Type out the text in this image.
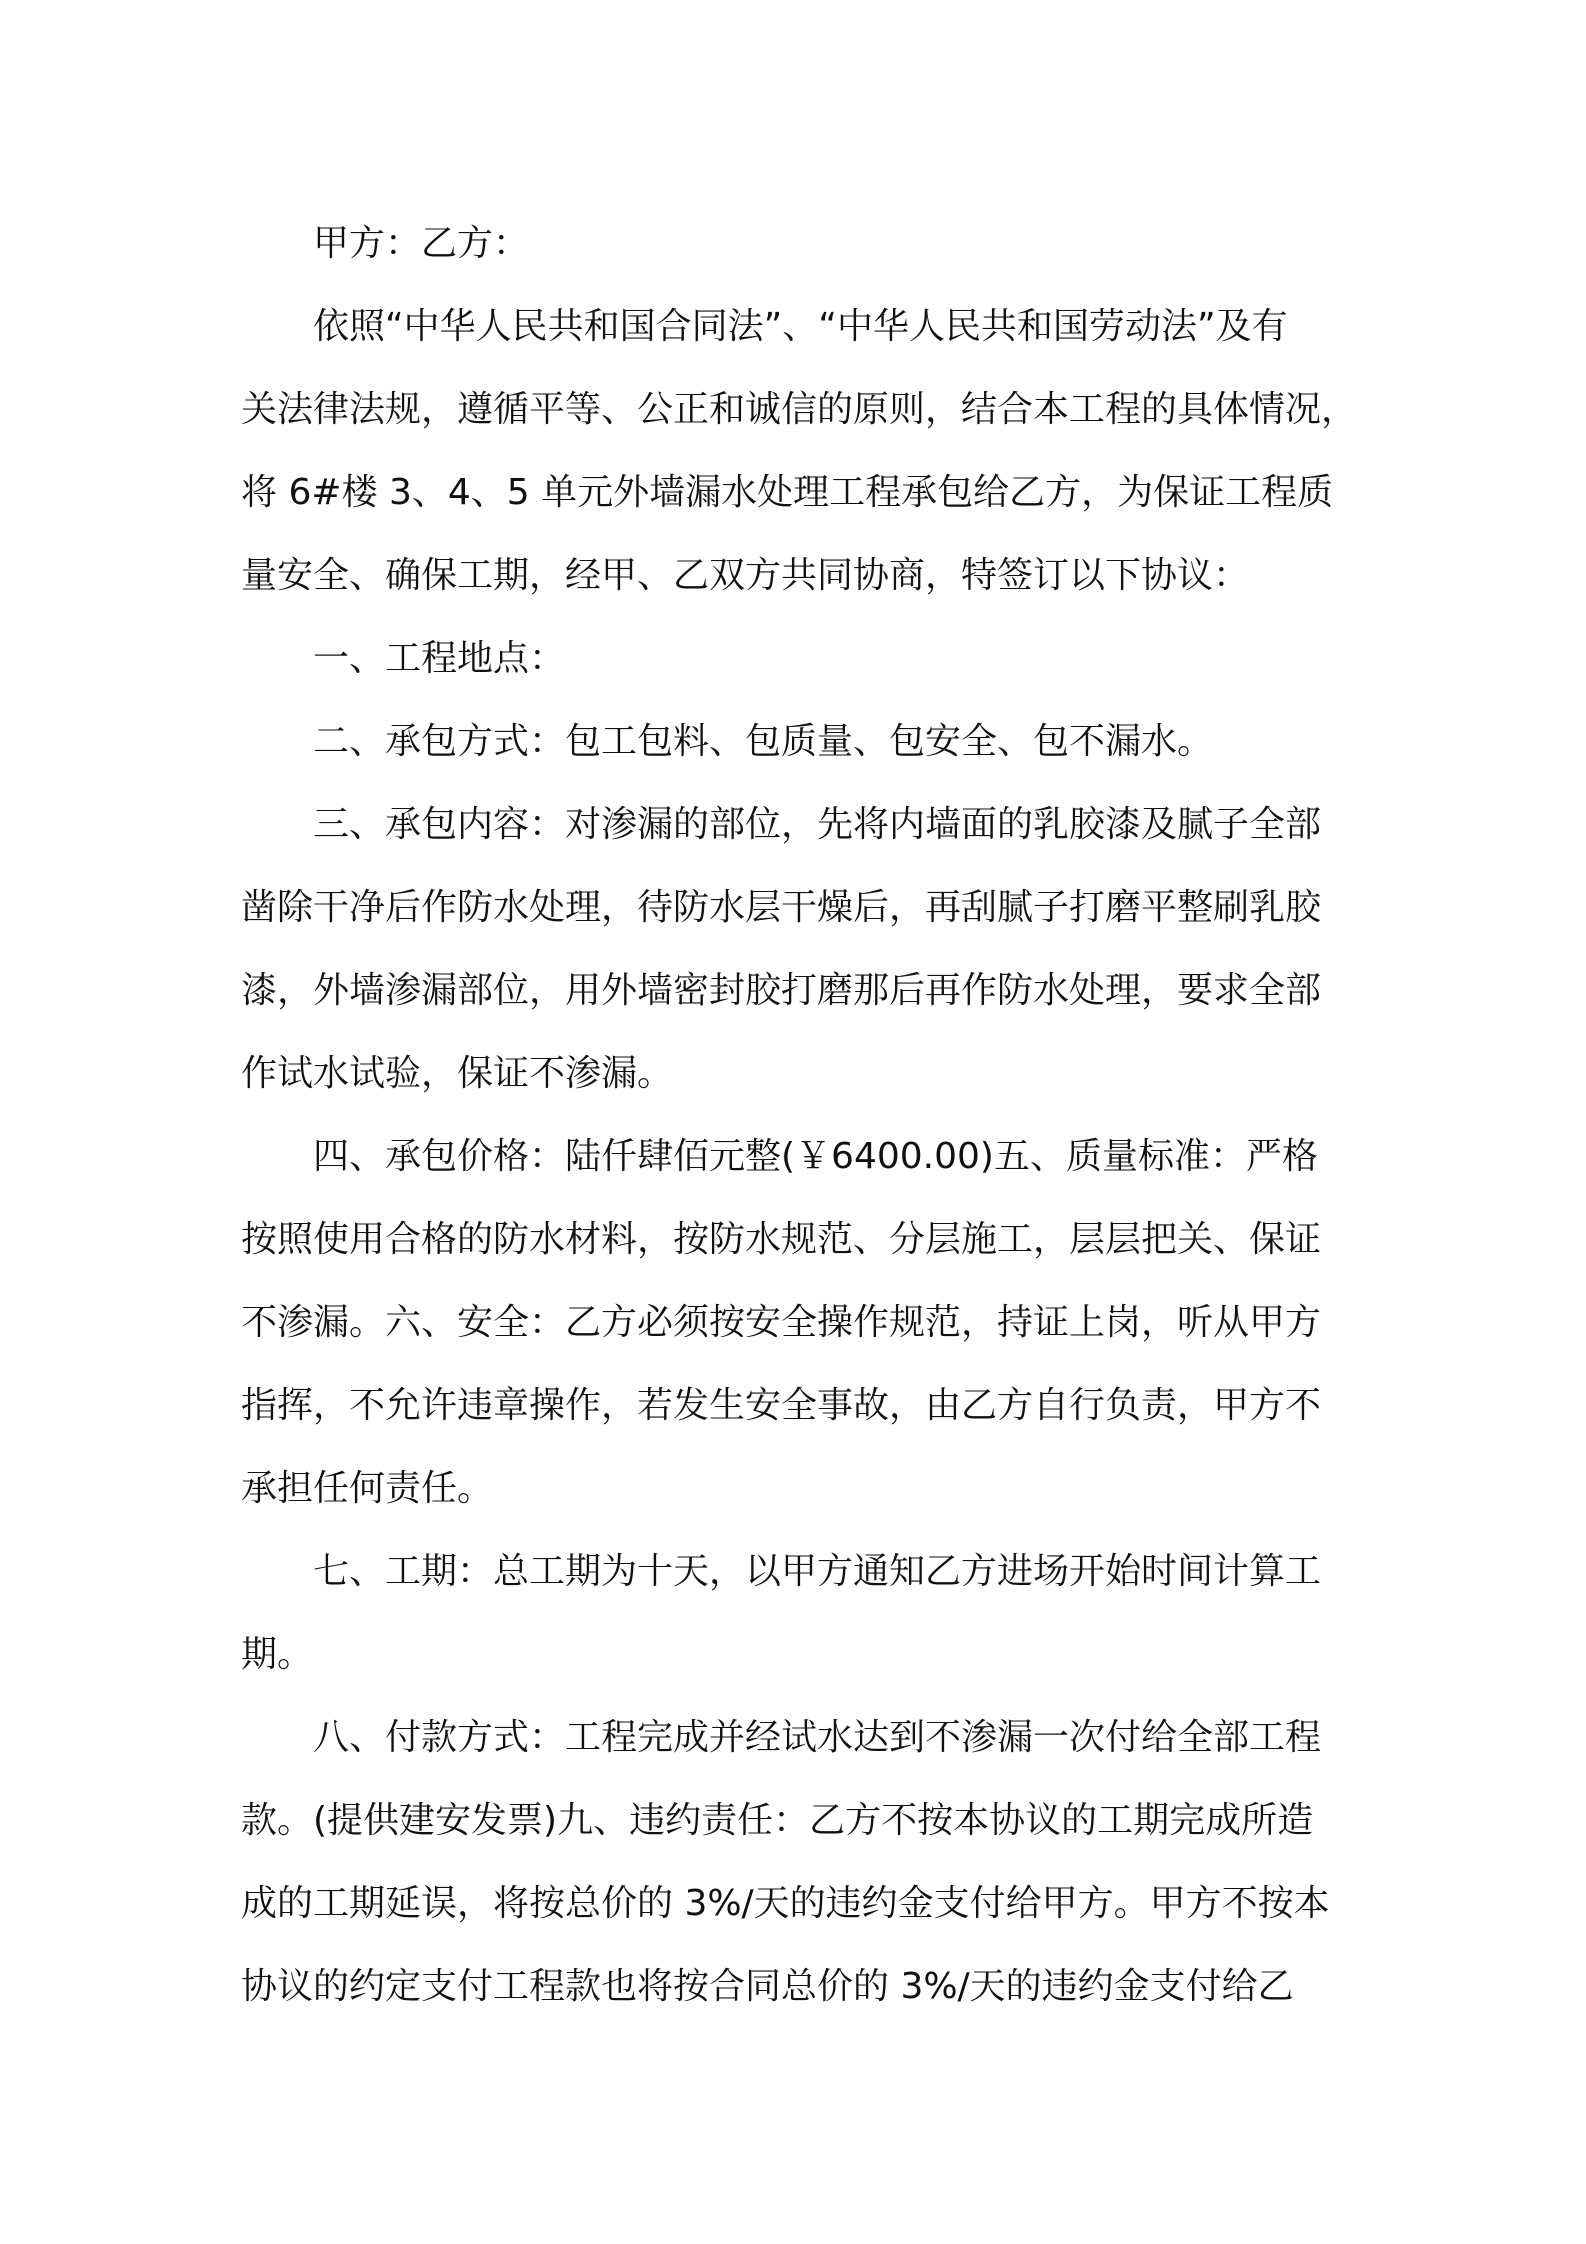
甲方：乙方：

依照“中华人民共和国合同法”、“中华人民共和国劳动法”及有
关法律法规，遵循平等、公正和诚信的原则，结合本工程的具体情况，
将 6#楼 3、4、5 单元外墙漏水处理工程承包给乙方，为保证工程质
量安全、确保工期，经甲、乙双方共同协商，特签订以下协议：

一、工程地点：

二、承包方式：包工包料、包质量、包安全、包不漏水。

三、承包内容：对渗漏的部位，先将内墙面的乳胶漆及腻子全部
凿除干净后作防水处理，待防水层干燥后，再刮腻子打磨平整刷乳胶
漆，外墙渗漏部位，用外墙密封胶打磨那后再作防水处理，要求全部
作试水试验，保证不渗漏。

四、承包价格：陆仟肆佰元整(￥6400.00)五、质量标准：严格
按照使用合格的防水材料，按防水规范、分层施工，层层把关、保证
不渗漏。六、安全：乙方必须按安全操作规范，持证上岗，听从甲方
指挥，不允许违章操作，若发生安全事故，由乙方自行负责，甲方不
承担任何责任。

七、工期：总工期为十天，以甲方通知乙方进场开始时间计算工
期。

八、付款方式：工程完成并经试水达到不渗漏一次付给全部工程
款。(提供建安发票)九、违约责任：乙方不按本协议的工期完成所造
成的工期延误，将按总价的 3%/天的违约金支付给甲方。甲方不按本
协议的约定支付工程款也将按合同总价的 3%/天的违约金支付给乙
